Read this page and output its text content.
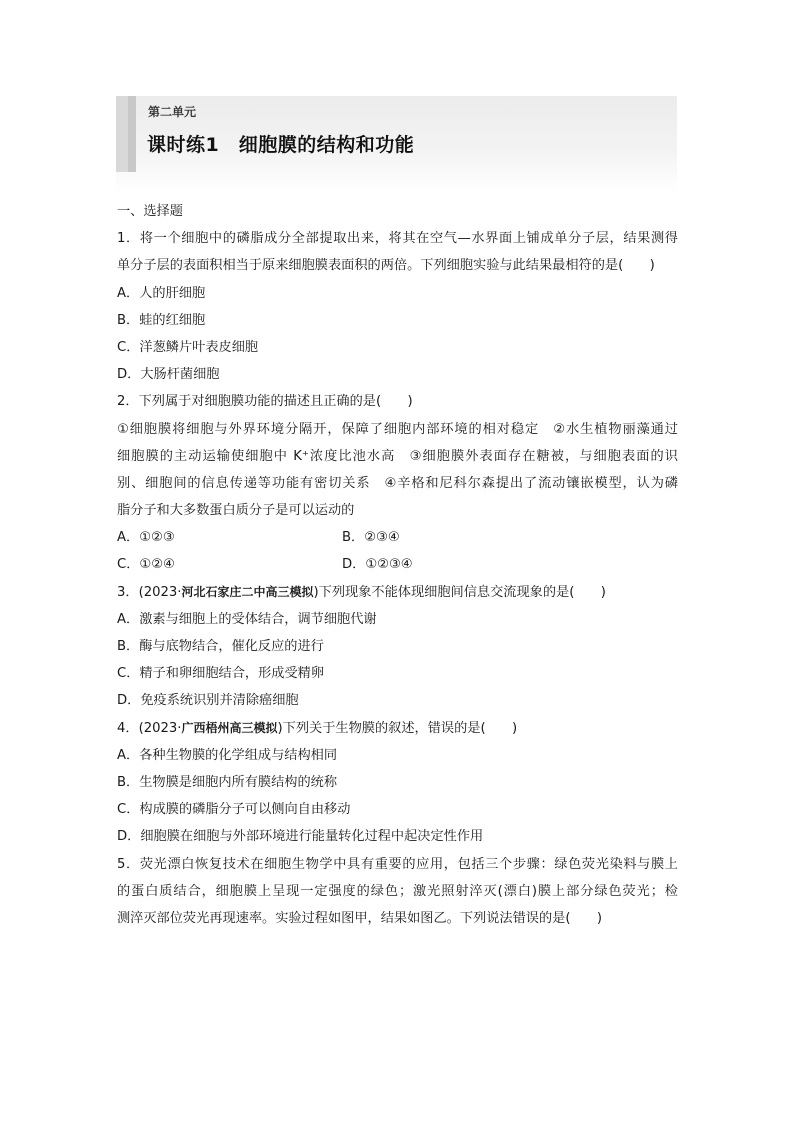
第二单元
课时练1　细胞膜的结构和功能
一、选择题
1．将一个细胞中的磷脂成分全部提取出来，将其在空气—水界面上铺成单分子层，结果测得
单分子层的表面积相当于原来细胞膜表面积的两倍。下列细胞实验与此结果最相符的是(　　)
A．人的肝细胞
B．蛙的红细胞
C．洋葱鳞片叶表皮细胞
D．大肠杆菌细胞
2．下列属于对细胞膜功能的描述且正确的是(　　)
①细胞膜将细胞与外界环境分隔开，保障了细胞内部环境的相对稳定　②水生植物丽藻通过
细胞膜的主动运输使细胞中 K⁺浓度比池水高　③细胞膜外表面存在糖被，与细胞表面的识
别、细胞间的信息传递等功能有密切关系　④辛格和尼科尔森提出了流动镶嵌模型，认为磷
脂分子和大多数蛋白质分子是可以运动的
A．①②③	B．②③④
C．①②④	D．①②③④
3．(2023·河北石家庄二中高三模拟)下列现象不能体现细胞间信息交流现象的是(　　)
A．激素与细胞上的受体结合，调节细胞代谢
B．酶与底物结合，催化反应的进行
C．精子和卵细胞结合，形成受精卵
D．免疫系统识别并清除癌细胞
4．(2023·广西梧州高三模拟)下列关于生物膜的叙述，错误的是(　　)
A．各种生物膜的化学组成与结构相同
B．生物膜是细胞内所有膜结构的统称
C．构成膜的磷脂分子可以侧向自由移动
D．细胞膜在细胞与外部环境进行能量转化过程中起决定性作用
5．荧光漂白恢复技术在细胞生物学中具有重要的应用，包括三个步骤：绿色荧光染料与膜上
的蛋白质结合，细胞膜上呈现一定强度的绿色；激光照射淬灭(漂白)膜上部分绿色荧光；检
测淬灭部位荧光再现速率。实验过程如图甲，结果如图乙。下列说法错误的是(　　)
